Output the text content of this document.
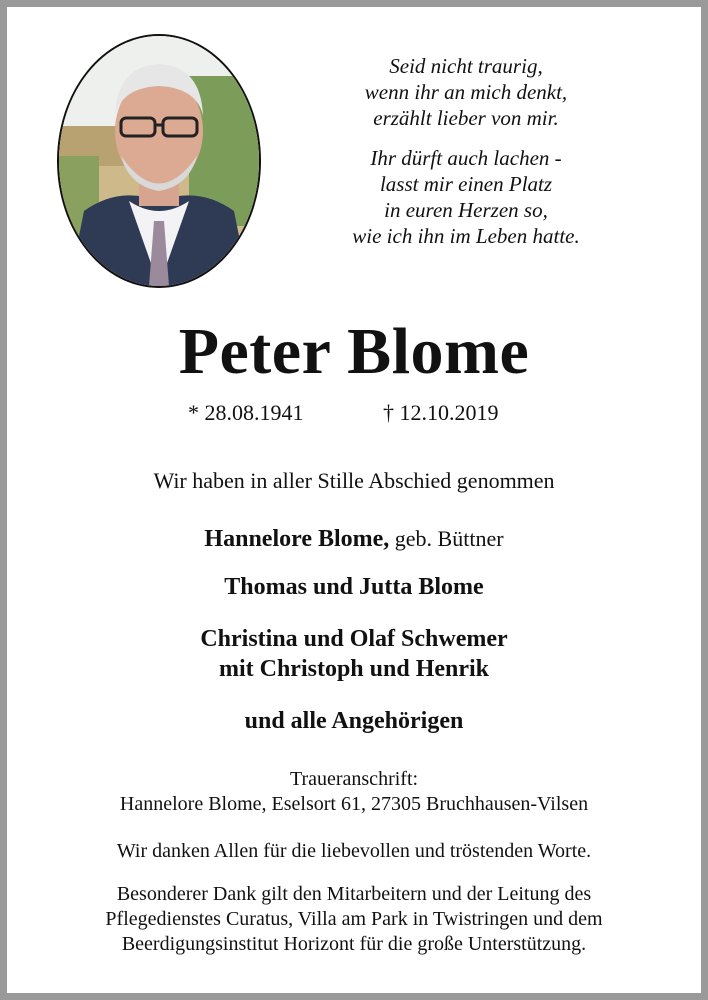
Seid nicht traurig,
wenn ihr an mich denkt,
erzählt lieber von mir.
Ihr dürft auch lachen -
lasst mir einen Platz
in euren Herzen so,
wie ich ihn im Leben hatte.
Peter Blome
* 28.08.1941	† 12.10.2019
Wir haben in aller Stille Abschied genommen
Hannelore Blome, geb. Büttner
Thomas und Jutta Blome
Christina und Olaf Schwemer
mit Christoph und Henrik
und alle Angehörigen
Traueranschrift:
Hannelore Blome, Eselsort 61, 27305 Bruchhausen-Vilsen
Wir danken Allen für die liebevollen und tröstenden Worte.
Besonderer Dank gilt den Mitarbeitern und der Leitung des
Pflegedienstes Curatus, Villa am Park in Twistringen und dem
Beerdigungsinstitut Horizont für die große Unterstützung.
